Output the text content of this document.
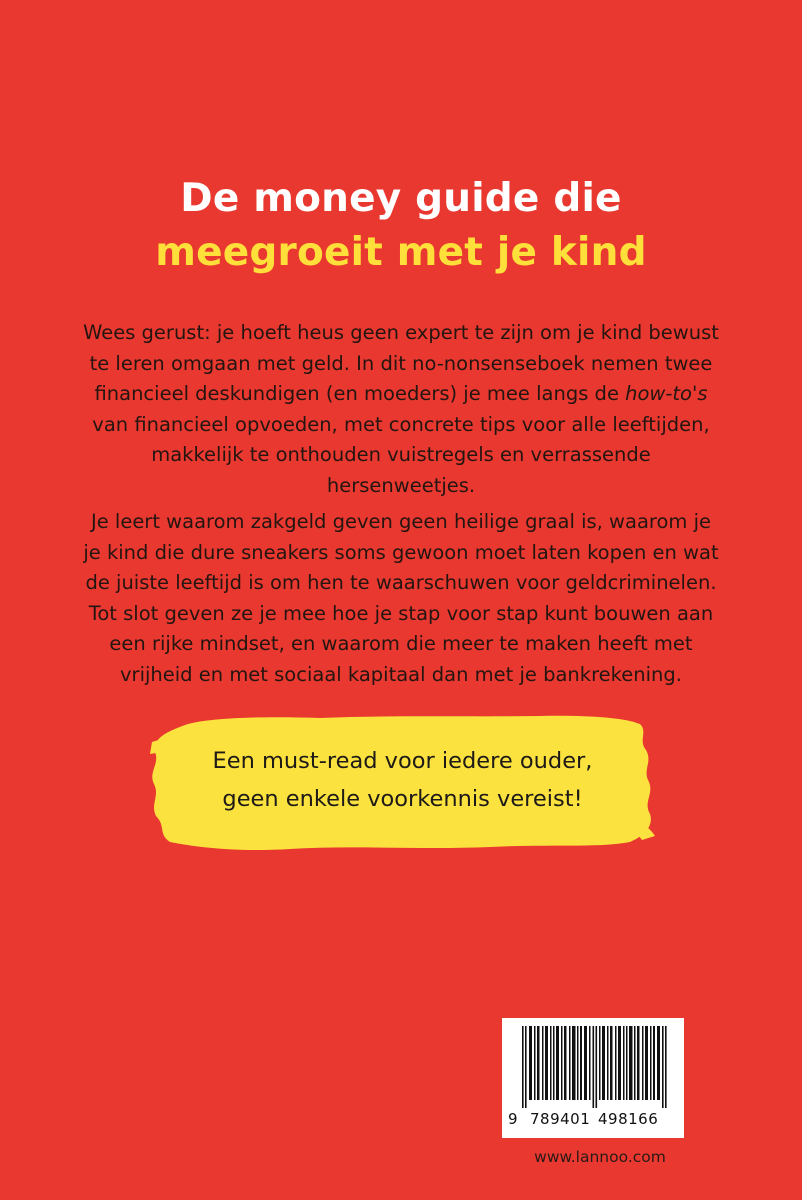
De money guide die
meegroeit met je kind

Wees gerust: je hoeft heus geen expert te zijn om je kind bewust te leren omgaan met geld. In dit no-nonsenseboek nemen twee financieel deskundigen (en moeders) je mee langs de how-to's van financieel opvoeden, met concrete tips voor alle leeftijden, makkelijk te onthouden vuistregels en verrassende hersenweetjes.

Je leert waarom zakgeld geven geen heilige graal is, waarom je je kind die dure sneakers soms gewoon moet laten kopen en wat de juiste leeftijd is om hen te waarschuwen voor geldcriminelen. Tot slot geven ze je mee hoe je stap voor stap kunt bouwen aan een rijke mindset, en waarom die meer te maken heeft met vrijheid en met sociaal kapitaal dan met je bankrekening.

Een must-read voor iedere ouder,
geen enkele voorkennis vereist!
9 789401 498166
www.lannoo.com
